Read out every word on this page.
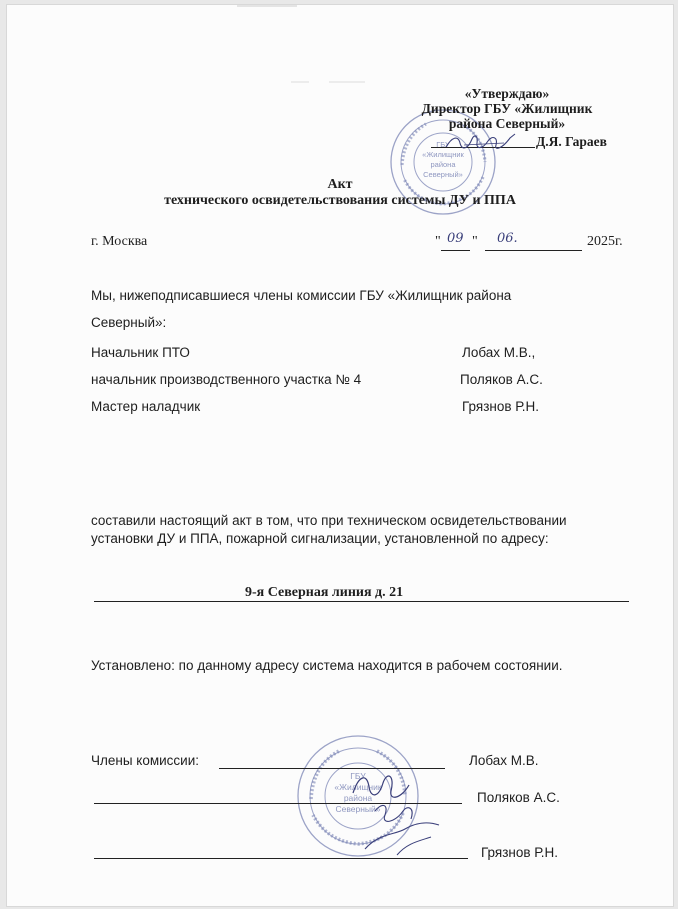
ГБУ
«Жилищник
района
Северный»
«Утверждаю»
Директор ГБУ «Жилищник
района Северный»
Д.Я. Гараев
Акт
технического освидетельствования системы ДУ и ППА
г. Москва	" 09 " 06.	2025г.
Мы, нижеподписавшиеся члены комиссии ГБУ «Жилищник района
Северный»:
Начальник ПТО	Лобах М.В.,
начальник производственного участка № 4	Поляков А.С.
Мастер наладчик	Грязнов Р.Н.
составили настоящий акт в том, что при техническом освидетельствовании
установки ДУ и ППА, пожарной сигнализации, установленной по адресу:
9-я Северная линия д. 21
Установлено: по данному адресу система находится в рабочем состоянии.
ГБУ
«Жилищник
района
Северный»
Члены комиссии:	Лобах М.В.
Поляков А.С.
Грязнов Р.Н.
